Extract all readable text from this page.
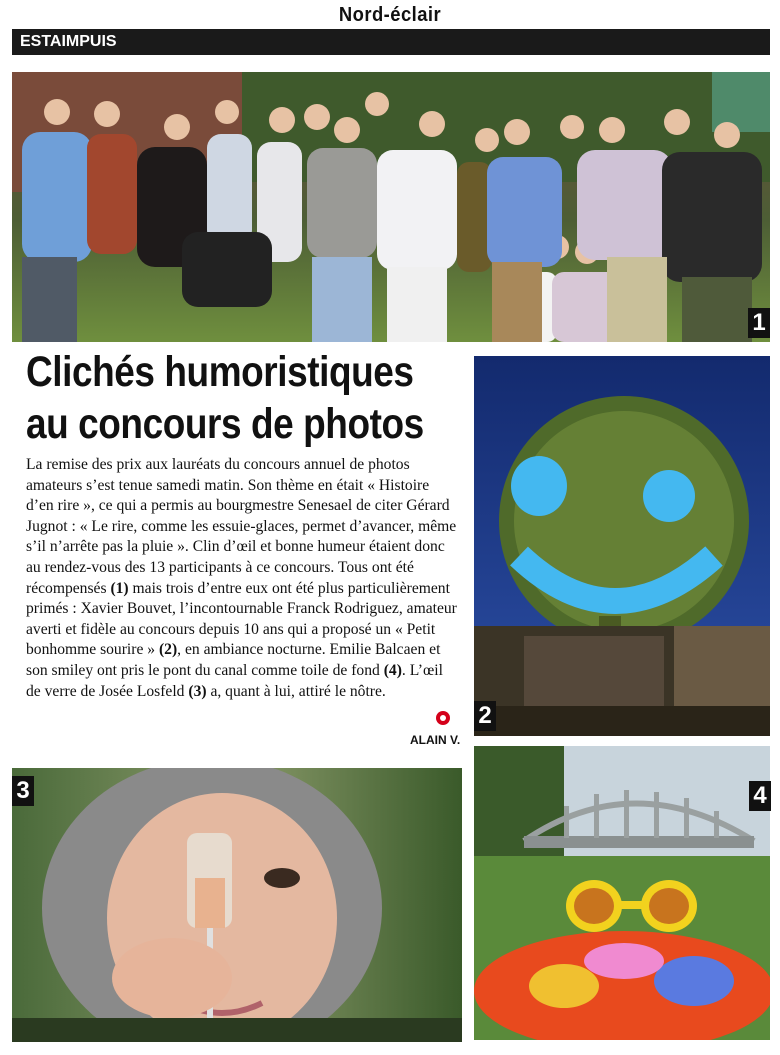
Nord-éclair
ESTAIMPUIS
1
Clichés humoristiques
au concours de photos
La remise des prix aux lauréats du concours annuel de photos amateurs s’est tenue samedi matin. Son thème en était « Histoire d’en rire », ce qui a permis au bourgmestre Senesael de citer Gérard Jugnot : « Le rire, comme les essuie-glaces, permet d’avancer, même s’il n’arrête pas la pluie ». Clin d’œil et bonne humeur étaient donc au rendez-vous des 13 participants à ce concours. Tous ont été récompensés (1) mais trois d’entre eux ont été plus particulièrement primés : Xavier Bouvet, l’incontournable Franck Rodriguez, amateur averti et fidèle au concours depuis 10 ans qui a proposé un « Petit bonhomme sourire » (2), en ambiance nocturne. Emilie Balcaen et son smiley ont pris le pont du canal comme toile de fond (4). L’œil de verre de Josée Losfeld (3) a, quant à lui, attiré le nôtre.
ALAIN V.
2
3	4
